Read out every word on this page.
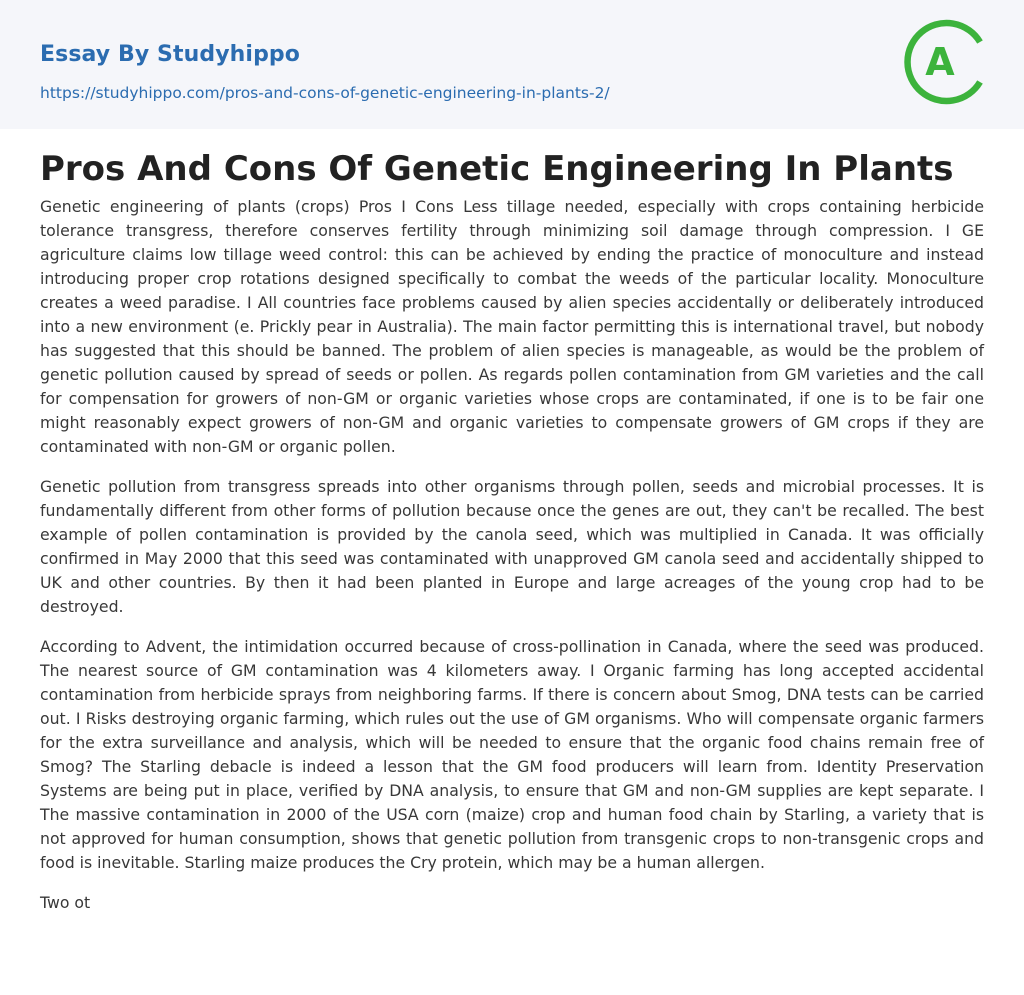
Essay By Studyhippo
https://studyhippo.com/pros-and-cons-of-genetic-engineering-in-plants-2/
A
Pros And Cons Of Genetic Engineering In Plants

Genetic engineering of plants (crops) Pros I Cons Less tillage needed, especially with crops containing herbicide tolerance transgress, therefore conserves fertility through minimizing soil damage through compression. I GE agriculture claims low tillage weed control: this can be achieved by ending the practice of monoculture and instead introducing proper crop rotations designed specifically to combat the weeds of the particular locality. Monoculture creates a weed paradise. I All countries face problems caused by alien species accidentally or deliberately introduced into a new environment (e. Prickly pear in Australia). The main factor permitting this is international travel, but nobody has suggested that this should be banned. The problem of alien species is manageable, as would be the problem of genetic pollution caused by spread of seeds or pollen. As regards pollen contamination from GM varieties and the call for compensation for growers of non-GM or organic varieties whose crops are contaminated, if one is to be fair one might reasonably expect growers of non-GM and organic varieties to compensate growers of GM crops if they are contaminated with non-GM or organic pollen.

Genetic pollution from transgress spreads into other organisms through pollen, seeds and microbial processes. It is fundamentally different from other forms of pollution because once the genes are out, they can't be recalled. The best example of pollen contamination is provided by the canola seed, which was multiplied in Canada. It was officially confirmed in May 2000 that this seed was contaminated with unapproved GM canola seed and accidentally shipped to UK and other countries. By then it had been planted in Europe and large acreages of the young crop had to be destroyed.

According to Advent, the intimidation occurred because of cross-pollination in Canada, where the seed was produced. The nearest source of GM contamination was 4 kilometers away. I Organic farming has long accepted accidental contamination from herbicide sprays from neighboring farms. If there is concern about Smog, DNA tests can be carried out. I Risks destroying organic farming, which rules out the use of GM organisms. Who will compensate organic farmers for the extra surveillance and analysis, which will be needed to ensure that the organic food chains remain free of Smog? The Starling debacle is indeed a lesson that the GM food producers will learn from. Identity Preservation Systems are being put in place, verified by DNA analysis, to ensure that GM and non-GM supplies are kept separate. I The massive contamination in 2000 of the USA corn (maize) crop and human food chain by Starling, a variety that is not approved for human consumption, shows that genetic pollution from transgenic crops to non-transgenic crops and food is inevitable. Starling maize produces the Cry protein, which may be a human allergen.

Two ot
